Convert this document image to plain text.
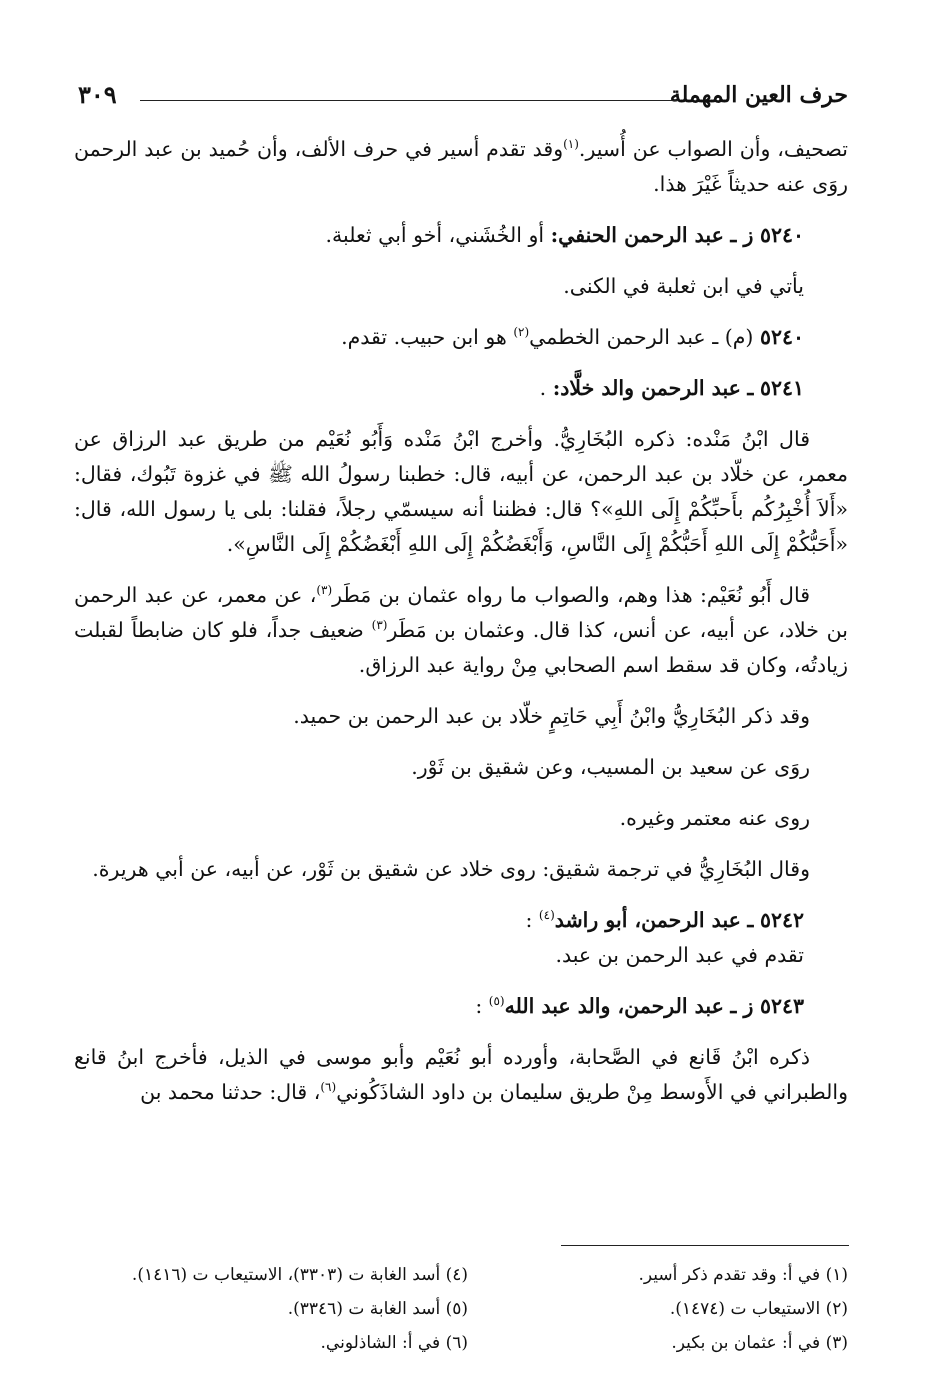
حرف العين المهملة
٣٠٩

تصحيف، وأن الصواب عن أُسير.$^{(١)}$وقد تقدم أسير في حرف الألف، وأن حُميد بن عبد الرحمن روَى عنه حديثاً غَيْرَ هذا.

٥٢٤٠ ز ـ عبد الرحمن الحنفي: أو الخُشَني، أخو أبي ثعلبة.

يأتي في ابن ثعلبة في الكنى.

٥٢٤٠ (م) ـ عبد الرحمن الخطمي$^{(٢)}$ هو ابن حبيب. تقدم.

٥٢٤١ ـ عبد الرحمن والد خلَّاد: .

قال ابْنُ مَنْده: ذكره البُخَارِيُّ. وأخرج ابْنُ مَنْده وَأَبُو نُعَيْم من طريق عبد الرزاق عن معمر، عن خلّاد بن عبد الرحمن، عن أبيه، قال: خطبنا رسولُ الله ﷺ في غزوة تَبُوك، فقال: «أَلاَ أُخْبِرُكُم بأَحبِّكُمْ إِلَى اللهِ»؟ قال: فظننا أنه سيسمّي رجلاً، فقلنا: بلى يا رسول الله، قال: «أَحَبُّكُمْ إِلَى اللهِ أَحَبُّكُمْ إِلَى النَّاسِ، وَأَبْغَضُكُمْ إِلَى اللهِ أَبْغَضُكُمْ إِلَى النَّاسِ».

قال أَبُو نُعَيْم: هذا وهم، والصواب ما رواه عثمان بن مَطَر$^{(٣)}$، عن معمر، عن عبد الرحمن بن خلاد، عن أبيه، عن أنس، كذا قال. وعثمان بن مَطَر$^{(٣)}$ ضعيف جداً، فلو كان ضابطاً لقبلت زيادتُه، وكان قد سقط اسم الصحابي مِنْ رواية عبد الرزاق.

وقد ذكر البُخَارِيُّ وابْنُ أَبِي حَاتِمٍ خلّاد بن عبد الرحمن بن حميد.

روَى عن سعيد بن المسيب، وعن شقيق بن ثَوْر.

روى عنه معتمر وغيره.

وقال البُخَارِيُّ في ترجمة شقيق: روى خلاد عن شقيق بن ثَوْر، عن أبيه، عن أبي هريرة.

٥٢٤٢ ـ عبد الرحمن، أبو راشد$^{(٤)}$ :

تقدم في عبد الرحمن بن عبد.

٥٢٤٣ ز ـ عبد الرحمن، والد عبد الله$^{(٥)}$ :

ذكره ابْنُ قَانع في الصَّحابة، وأورده أبو نُعَيْم وأبو موسى في الذيل، فأخرج ابنُ قانع والطبراني في الأَوسط مِنْ طريق سليمان بن داود الشاذَكُوني$^{(٦)}$، قال: حدثنا محمد بن

(١) في أ: وقد تقدم ذكر أسير.
(٢) الاستيعاب ت (١٤٧٤).
(٣) في أ: عثمان بن بكير.
(٤) أسد الغابة ت (٣٣٠٣)، الاستيعاب ت (١٤١٦).
(٥) أسد الغابة ت (٣٣٤٦).
(٦) في أ: الشاذلوني.
